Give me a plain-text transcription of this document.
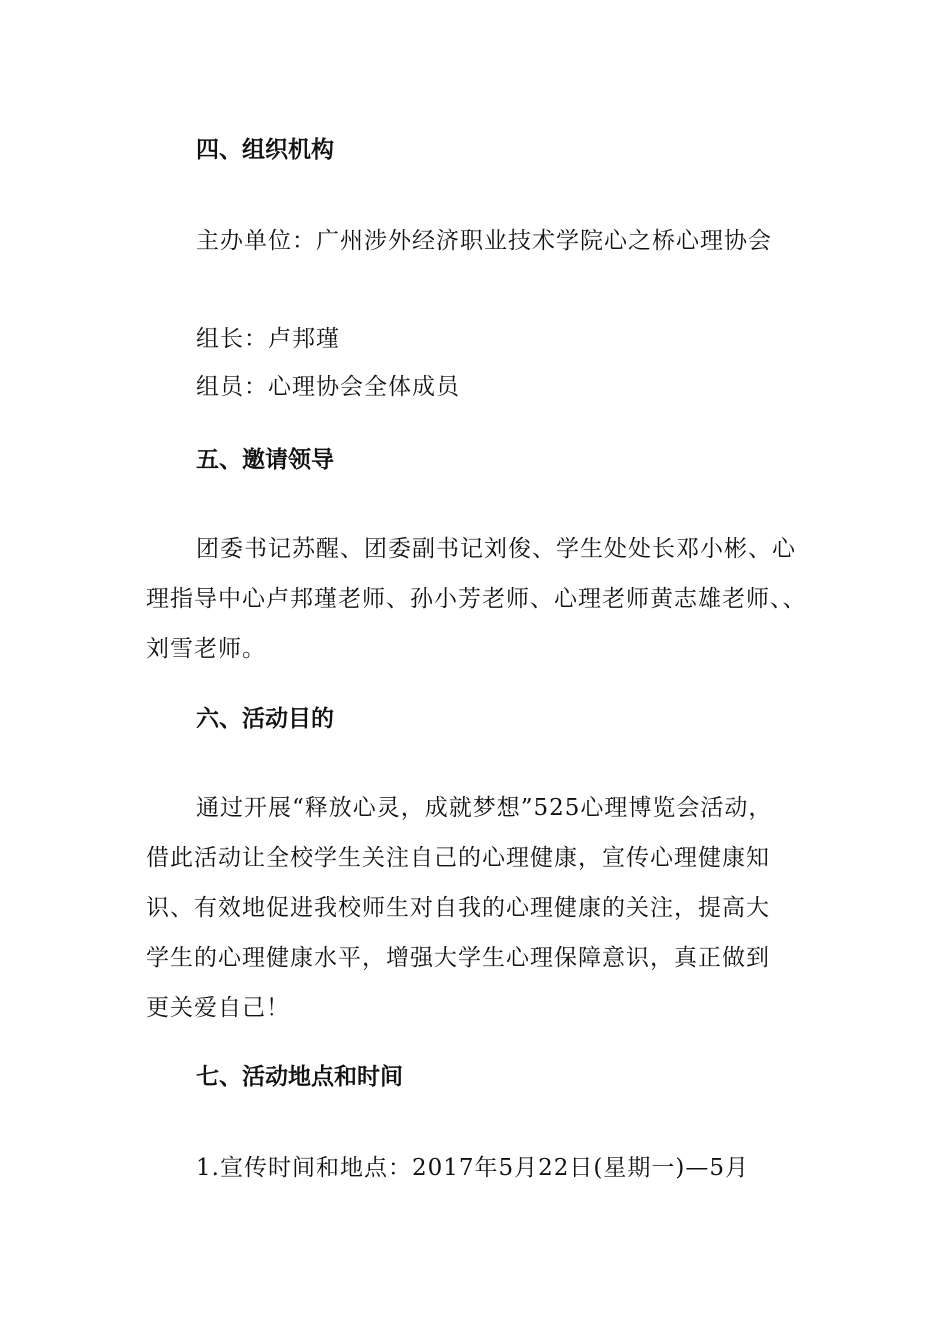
四、组织机构
主办单位：广州涉外经济职业技术学院心之桥心理协会
组长：卢邦瑾
组员：心理协会全体成员
五、邀请领导
团委书记苏醒、团委副书记刘俊、学生处处长邓小彬、心
理指导中心卢邦瑾老师、孙小芳老师、心理老师黄志雄老师、、
刘雪老师。
六、活动目的
通过开展“释放心灵，成就梦想”525心理博览会活动，
借此活动让全校学生关注自己的心理健康，宣传心理健康知
识、有效地促进我校师生对自我的心理健康的关注，提高大
学生的心理健康水平，增强大学生心理保障意识，真正做到
更关爱自己！
七、活动地点和时间
1.宣传时间和地点：2017年5月22日(星期一)—5月
